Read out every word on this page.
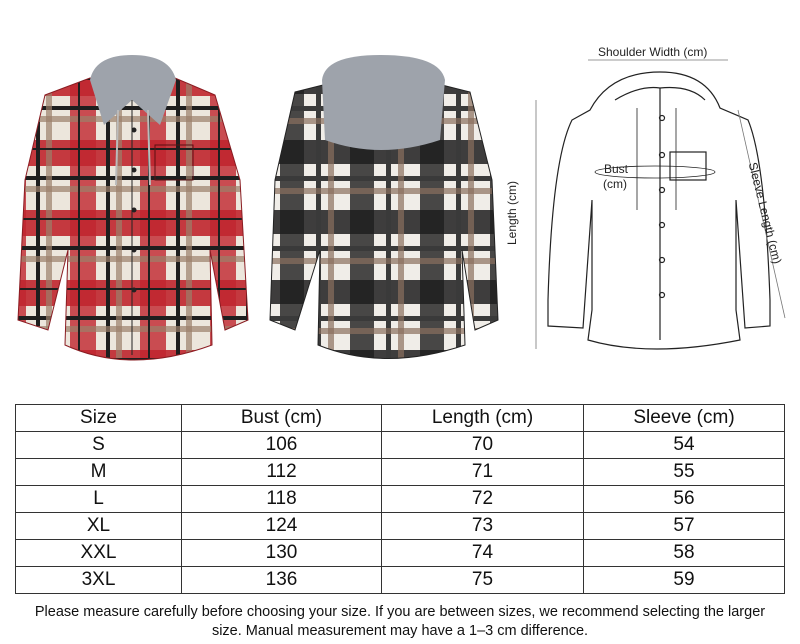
Shoulder Width (cm)
Bust
(cm)
Length (cm)	Sleeve Length (cm)
Size	Bust (cm)	Length (cm)	Sleeve (cm)
S	106	70	54
M	112	71	55
L	118	72	56
XL	124	73	57
XXL	130	74	58
3XL	136	75	59
Please measure carefully before choosing your size. If you are between sizes, we recommend selecting the larger
size. Manual measurement may have a 1–3 cm difference.
